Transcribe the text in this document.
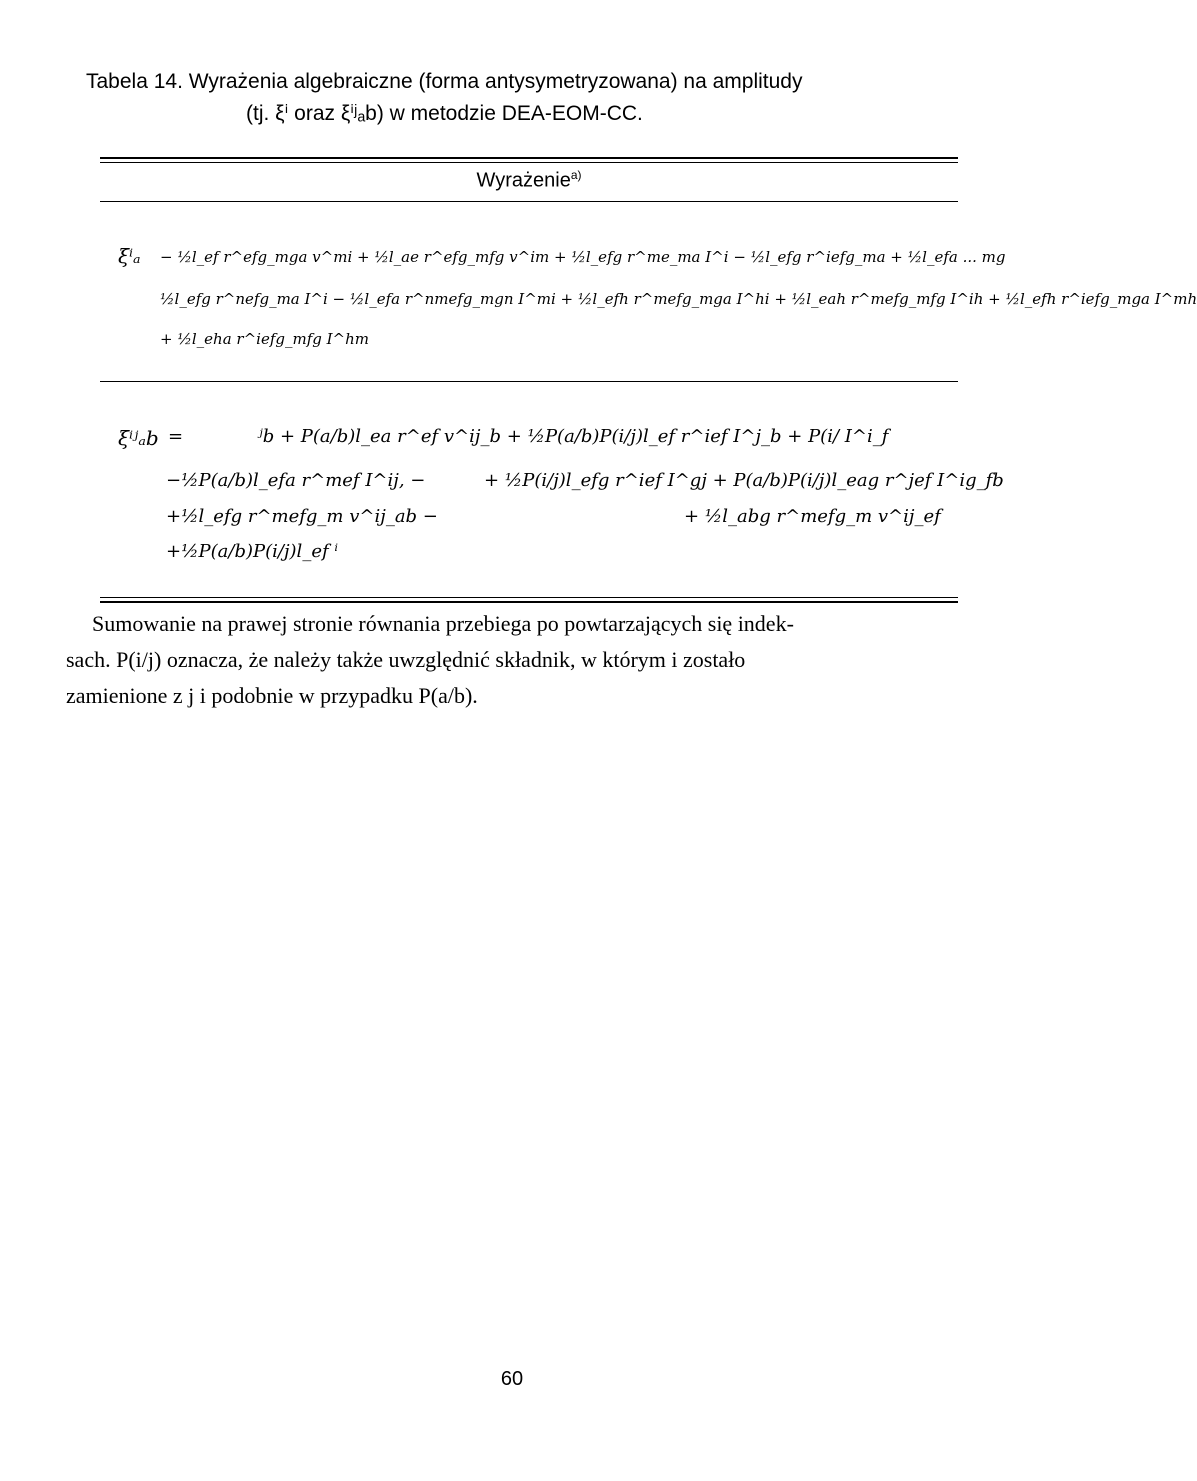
Tabela 14. Wyrażenia algebraiczne (forma antysymetryzowana) na amplitudy
(tj. ξⁱ oraz ξⁱʲₐb) w metodzie DEA-EOM-CC.
Wyrażenie$^{a)}$
ξⁱₐ − ½l_ef r^efg_mga v^mi + ½l_ae r^efg_mfg v^im + ½l_efg r^me_ma I^i − ½l_efg r^iefg_ma + ½l_efa ... mg
½l_efg r^nefg_ma I^i − ½l_efa r^nmefg_mgn I^mi + ½l_efh r^mefg_mga I^hi + ½l_eah r^mefg_mfg I^ih + ½l_efh r^iefg_mga I^mh
+ ½l_eha r^iefg_mfg I^hm
ξⁱʲₐb =	ʲb + P(a/b)l_ea r^ef v^ij_b + ½P(a/b)P(i/j)l_ef r^ief I^j_b + P(i/ I^i_f
−½P(a/b)l_efa r^mef I^ij, −	+ ½P(i/j)l_efg r^ief I^gj + P(a/b)P(i/j)l_eag r^jef I^ig_fb
+½l_efg r^mefg_m v^ij_ab −	+ ½l_abg r^mefg_m v^ij_ef
+½P(a/b)P(i/j)l_ef ⁱ
Sumowanie na prawej stronie równania przebiega po powtarzających się indek-
sach. P(i/j) oznacza, że należy także uwzględnić składnik, w którym i zostało
zamienione z j i podobnie w przypadku P(a/b).
60
